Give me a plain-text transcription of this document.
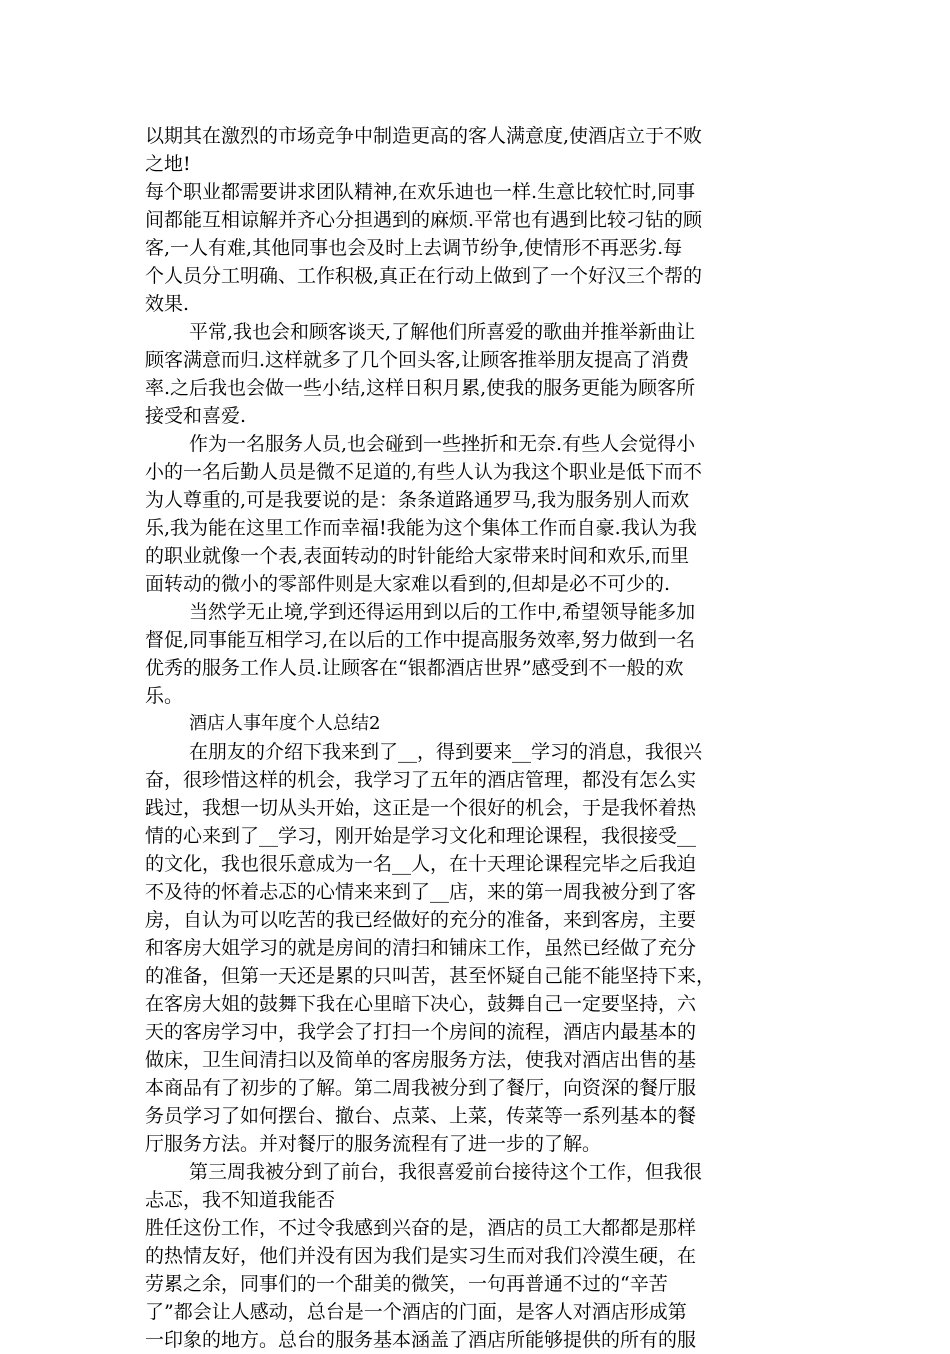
以期其在激烈的市场竞争中制造更高的客人满意度,使酒店立于不败
之地!
每个职业都需要讲求团队精神,在欢乐迪也一样.生意比较忙时,同事
间都能互相谅解并齐心分担遇到的麻烦.平常也有遇到比较刁钻的顾
客,一人有难,其他同事也会及时上去调节纷争,使情形不再恶劣.每
个人员分工明确、工作积极,真正在行动上做到了一个好汉三个帮的
效果.
平常,我也会和顾客谈天,了解他们所喜爱的歌曲并推举新曲让
顾客满意而归.这样就多了几个回头客,让顾客推举朋友提高了消费
率.之后我也会做一些小结,这样日积月累,使我的服务更能为顾客所
接受和喜爱.
作为一名服务人员,也会碰到一些挫折和无奈.有些人会觉得小
小的一名后勤人员是微不足道的,有些人认为我这个职业是低下而不
为人尊重的,可是我要说的是：条条道路通罗马,我为服务别人而欢
乐,我为能在这里工作而幸福!我能为这个集体工作而自豪.我认为我
的职业就像一个表,表面转动的时针能给大家带来时间和欢乐,而里
面转动的微小的零部件则是大家难以看到的,但却是必不可少的.
当然学无止境,学到还得运用到以后的工作中,希望领导能多加
督促,同事能互相学习,在以后的工作中提高服务效率,努力做到一名
优秀的服务工作人员.让顾客在“银都酒店世界”感受到不一般的欢
乐。
酒店人事年度个人总结2
在朋友的介绍下我来到了__，得到要来__学习的消息，我很兴
奋，很珍惜这样的机会，我学习了五年的酒店管理，都没有怎么实
践过，我想一切从头开始，这正是一个很好的机会，于是我怀着热
情的心来到了__学习，刚开始是学习文化和理论课程，我很接受__
的文化，我也很乐意成为一名__人，在十天理论课程完毕之后我迫
不及待的怀着忐忑的心情来来到了__店，来的第一周我被分到了客
房，自认为可以吃苦的我已经做好的充分的准备，来到客房，主要
和客房大姐学习的就是房间的清扫和铺床工作，虽然已经做了充分
的准备，但第一天还是累的只叫苦，甚至怀疑自己能不能坚持下来，
在客房大姐的鼓舞下我在心里暗下决心，鼓舞自己一定要坚持，六
天的客房学习中，我学会了打扫一个房间的流程，酒店内最基本的
做床，卫生间清扫以及简单的客房服务方法，使我对酒店出售的基
本商品有了初步的了解。第二周我被分到了餐厅，向资深的餐厅服
务员学习了如何摆台、撤台、点菜、上菜，传菜等一系列基本的餐
厅服务方法。并对餐厅的服务流程有了进一步的了解。
第三周我被分到了前台，我很喜爱前台接待这个工作，但我很
忐忑，我不知道我能否
胜任这份工作，不过令我感到兴奋的是，酒店的员工大都都是那样
的热情友好，他们并没有因为我们是实习生而对我们冷漠生硬，在
劳累之余，同事们的一个甜美的微笑，一句再普通不过的“辛苦
了”都会让人感动，总台是一个酒店的门面，是客人对酒店形成第
一印象的地方。总台的服务基本涵盖了酒店所能够提供的所有的服
